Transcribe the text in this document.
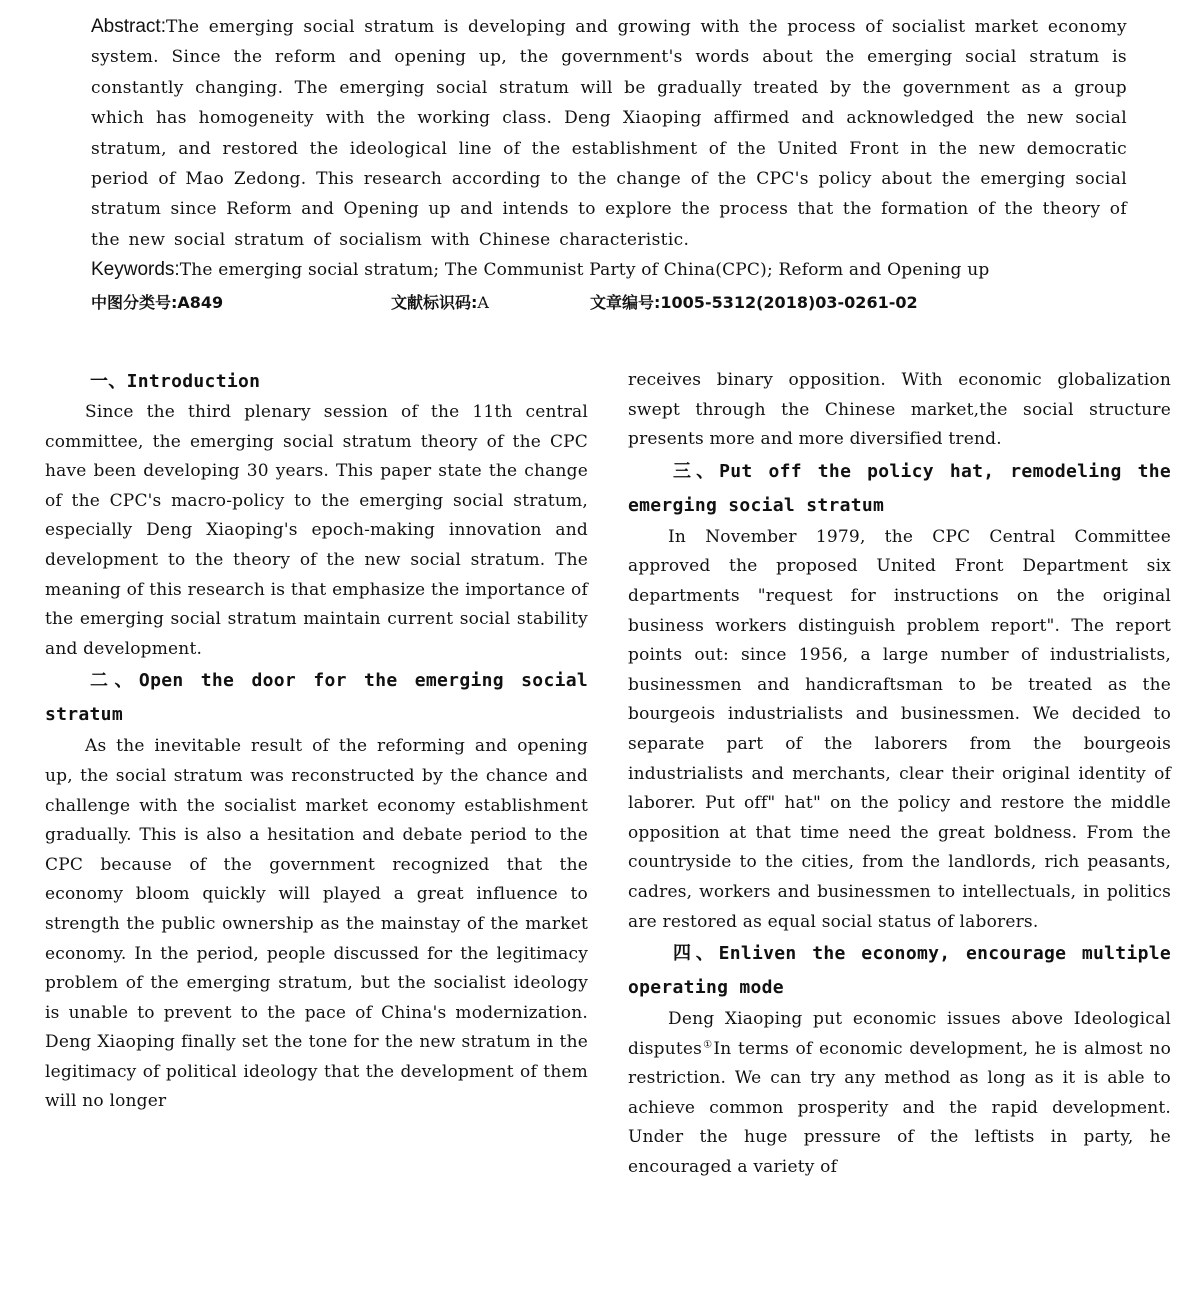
Abstract:The emerging social stratum is developing and growing with the process of socialist market economy system. Since the reform and opening up, the government's words about the emerging social stratum is constantly changing. The emerging social stratum will be gradually treated by the government as a group which has homogeneity with the working class. Deng Xiaoping affirmed and acknowledged the new social stratum, and restored the ideological line of the establishment of the United Front in the new democratic period of Mao Zedong. This research according to the change of the CPC's policy about the emerging social stratum since Reform and Opening up and intends to explore the process that the formation of the theory of the new social stratum of socialism with Chinese characteristic.

Keywords:The emerging social stratum; The Communist Party of China(CPC); Reform and Opening up

中图分类号:A849	文献标识码:A	文章编号:1005-5312(2018)03-0261-02
一、Introduction

Since the third plenary session of the 11th central committee, the emerging social stratum theory of the CPC have been developing 30 years. This paper state the change of the CPC's macro-policy to the emerging social stratum, especially Deng Xiaoping's epoch-making innovation and development to the theory of the new social stratum. The meaning of this research is that emphasize the importance of the emerging social stratum maintain current social stability and development.

二、Open the door for the emerging social stratum

As the inevitable result of the reforming and opening up, the social stratum was reconstructed by the chance and challenge with the socialist market economy establishment gradually. This is also a hesitation and debate period to the CPC because of the government recognized that the economy bloom quickly will played a great influence to strength the public ownership as the mainstay of the market economy. In the period, people discussed for the legitimacy problem of the emerging stratum, but the socialist ideology is unable to prevent to the pace of China's modernization. Deng Xiaoping finally set the tone for the new stratum in the legitimacy of political ideology that the development of them will no longer

receives binary opposition. With economic globalization swept through the Chinese market,the social structure presents more and more diversified trend.

三、Put off the policy hat, remodeling the emerging social stratum

In November 1979, the CPC Central Committee approved the proposed United Front Department six departments "request for instructions on the original business workers distinguish problem report". The report points out: since 1956, a large number of industrialists, businessmen and handicraftsman to be treated as the bourgeois industrialists and businessmen. We decided to separate part of the laborers from the bourgeois industrialists and merchants, clear their original identity of laborer. Put off" hat" on the policy and restore the middle opposition at that time need the great boldness. From the countryside to the cities, from the landlords, rich peasants, cadres, workers and businessmen to intellectuals, in politics are restored as equal social status of laborers.

四、Enliven the economy, encourage multiple operating mode

Deng Xiaoping put economic issues above Ideological disputes①In terms of economic development, he is almost no restriction. We can try any method as long as it is able to achieve common prosperity and the rapid development. Under the huge pressure of the leftists in party, he encouraged a variety of
